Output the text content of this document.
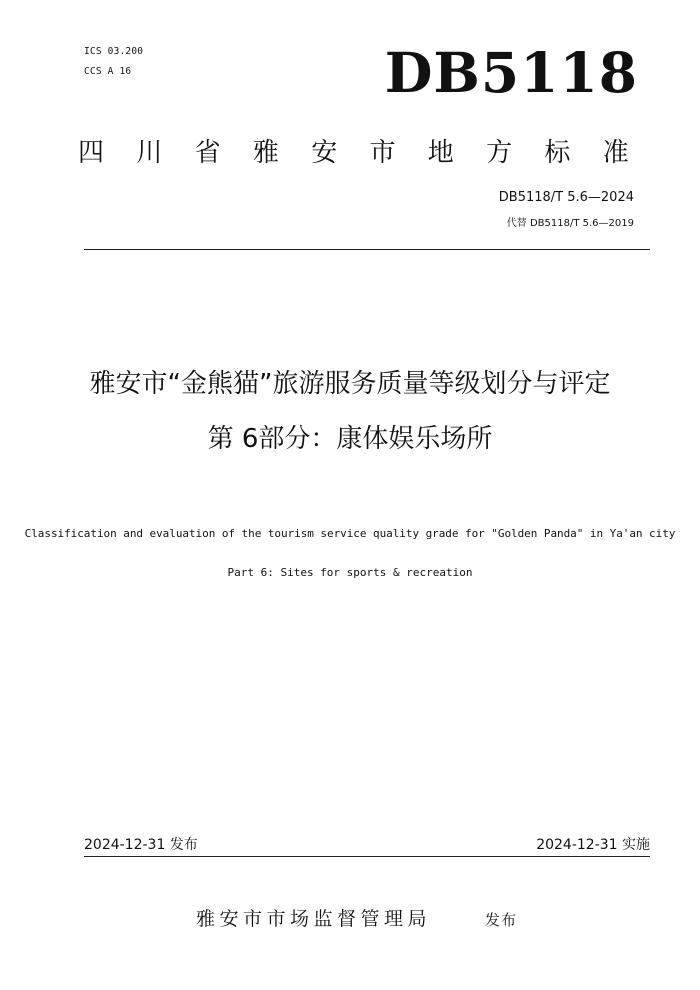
ICS 03.200
CCS A 16	DB5118
四川省雅安市地方标准
DB5118/T 5.6—2024
代替 DB5118/T 5.6—2019
雅安市“金熊猫”旅游服务质量等级划分与评定
第 6部分：康体娱乐场所
Classification and evaluation of the tourism service quality grade for "Golden Panda" in Ya'an city
Part 6: Sites for sports & recreation
2024-12-31 发布	2024-12-31 实施
雅安市市场监督管理局	发布
